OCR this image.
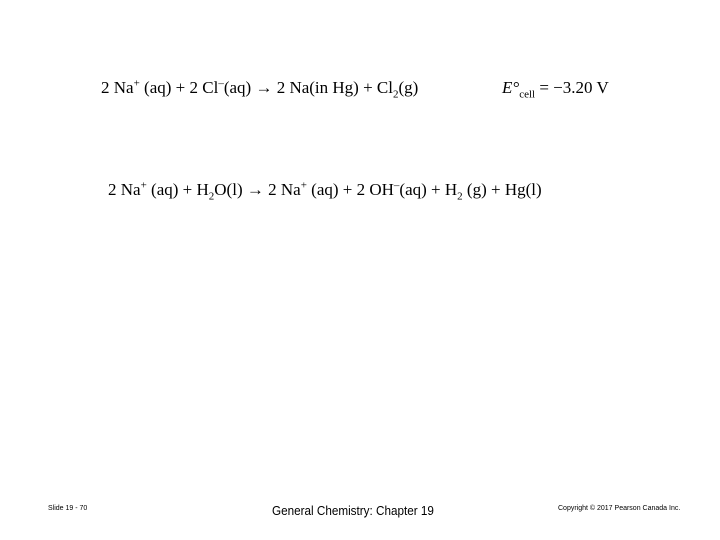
2 Na+ (aq) + 2 Cl–(aq) → 2 Na(in $Hg) + Cl_2(g)$	$E^\circ_{cell} = -3.20$ V
2 Na+ $(aq) + H_2O(l) \to 2$ Na+ (aq) + 2 $OH^-(aq) + H_2$ (g) + Hg(l)
Slide 19 - 70	General Chemistry: Chapter 19	Copyright © 2017 Pearson Canada Inc.
